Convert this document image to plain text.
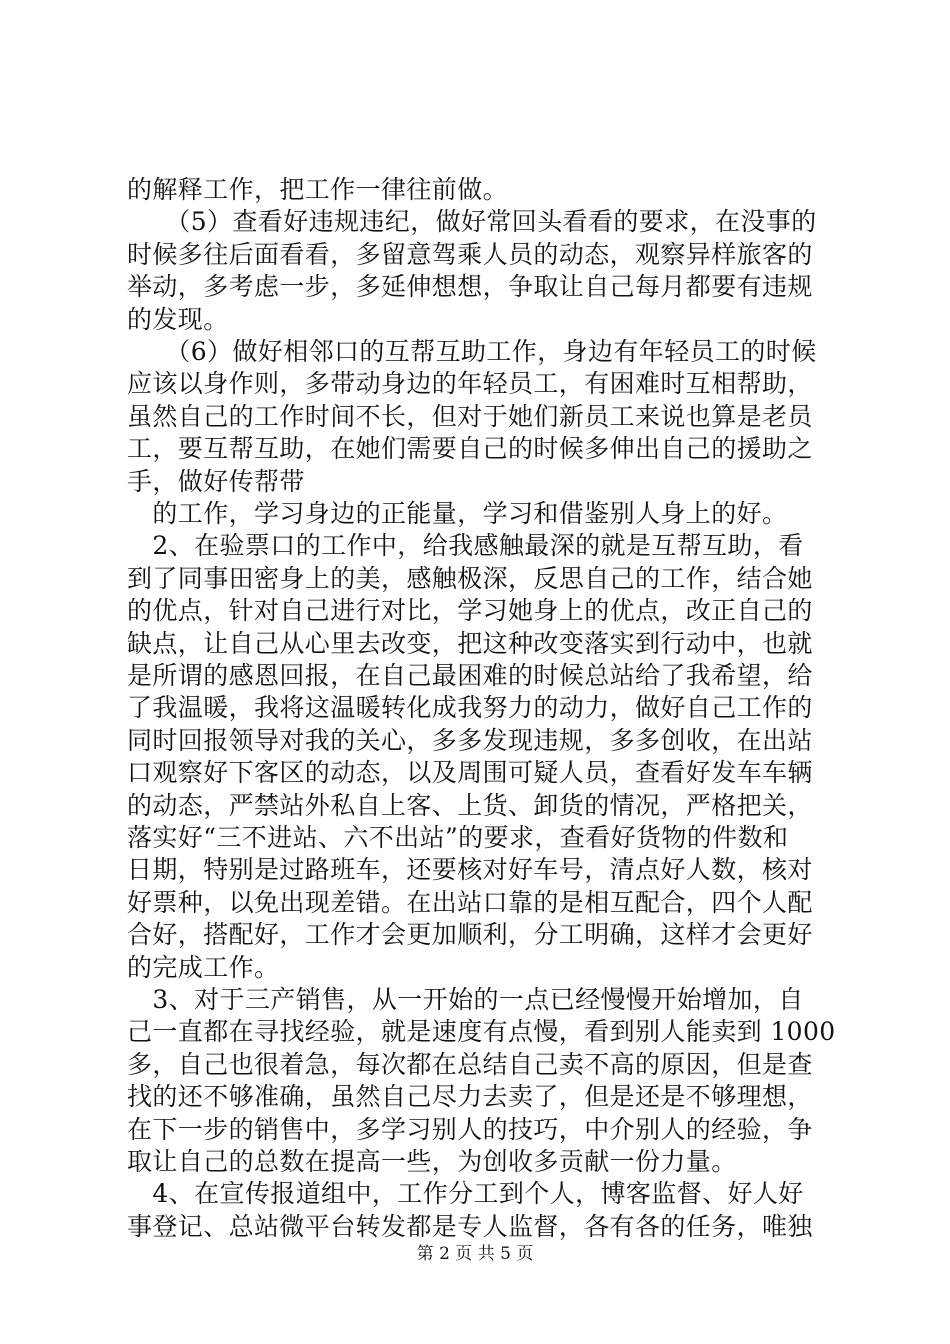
的解释工作，把工作一律往前做。
　　（5）查看好违规违纪，做好常回头看看的要求，在没事的
时候多往后面看看，多留意驾乘人员的动态，观察异样旅客的
举动，多考虑一步，多延伸想想，争取让自己每月都要有违规
的发现。
　　（6）做好相邻口的互帮互助工作，身边有年轻员工的时候
应该以身作则，多带动身边的年轻员工，有困难时互相帮助，
虽然自己的工作时间不长，但对于她们新员工来说也算是老员
工，要互帮互助，在她们需要自己的时候多伸出自己的援助之
手，做好传帮带
　的工作，学习身边的正能量，学习和借鉴别人身上的好。
　2、在验票口的工作中，给我感触最深的就是互帮互助，看
到了同事田密身上的美，感触极深，反思自己的工作，结合她
的优点，针对自己进行对比，学习她身上的优点，改正自己的
缺点，让自己从心里去改变，把这种改变落实到行动中，也就
是所谓的感恩回报，在自己最困难的时候总站给了我希望，给
了我温暖，我将这温暖转化成我努力的动力，做好自己工作的
同时回报领导对我的关心，多多发现违规，多多创收，在出站
口观察好下客区的动态，以及周围可疑人员，查看好发车车辆
的动态，严禁站外私自上客、上货、卸货的情况，严格把关，
落实好“三不进站、六不出站”的要求，查看好货物的件数和
日期，特别是过路班车，还要核对好车号，清点好人数，核对
好票种，以免出现差错。在出站口靠的是相互配合，四个人配
合好，搭配好，工作才会更加顺利，分工明确，这样才会更好
的完成工作。
　3、对于三产销售，从一开始的一点已经慢慢开始增加，自
己一直都在寻找经验，就是速度有点慢，看到别人能卖到 1000
多，自己也很着急，每次都在总结自己卖不高的原因，但是查
找的还不够准确，虽然自己尽力去卖了，但是还是不够理想，
在下一步的销售中，多学习别人的技巧，中介别人的经验，争
取让自己的总数在提高一些，为创收多贡献一份力量。
　4、在宣传报道组中，工作分工到个人，博客监督、好人好
事登记、总站微平台转发都是专人监督，各有各的任务，唯独
第 2 页 共 5 页
